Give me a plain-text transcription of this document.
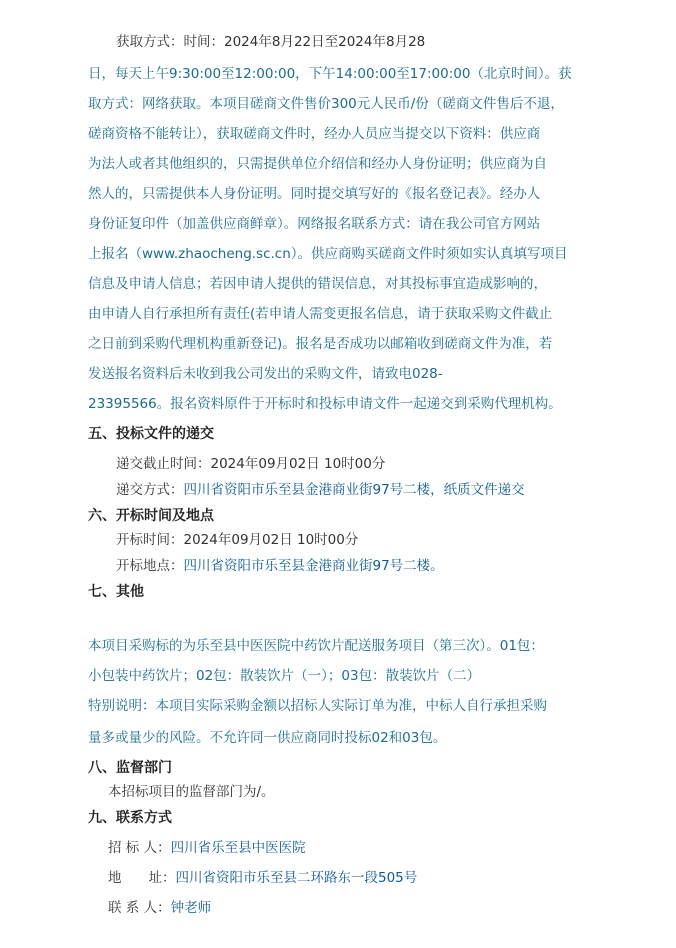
获取方式：时间：2024年8月22日至2024年8月28
日，每天上午9:30:00至12:00:00，下午14:00:00至17:00:00（北京时间）。获
取方式：网络获取。本项目磋商文件售价300元人民币/份（磋商文件售后不退，
磋商资格不能转让），获取磋商文件时，经办人员应当提交以下资料：供应商
为法人或者其他组织的，只需提供单位介绍信和经办人身份证明；供应商为自
然人的，只需提供本人身份证明。同时提交填写好的《报名登记表》。经办人
身份证复印件（加盖供应商鲜章）。网络报名联系方式：请在我公司官方网站
上报名（www.zhaocheng.sc.cn）。供应商购买磋商文件时须如实认真填写项目
信息及申请人信息；若因申请人提供的错误信息，对其投标事宜造成影响的，
由申请人自行承担所有责任(若申请人需变更报名信息，请于获取采购文件截止
之日前到采购代理机构重新登记)。报名是否成功以邮箱收到磋商文件为准，若
发送报名资料后未收到我公司发出的采购文件，请致电028-
23395566。报名资料原件于开标时和投标申请文件一起递交到采购代理机构。
五、投标文件的递交
递交截止时间：2024年09月02日 10时00分
递交方式：四川省资阳市乐至县金港商业街97号二楼，纸质文件递交
六、开标时间及地点
开标时间：2024年09月02日 10时00分
开标地点：四川省资阳市乐至县金港商业街97号二楼。
七、其他
本项目采购标的为乐至县中医医院中药饮片配送服务项目（第三次）。01包：
小包装中药饮片；02包：散装饮片（一）；03包：散装饮片（二）
特别说明：本项目实际采购金额以招标人实际订单为准，中标人自行承担采购
量多或量少的风险。不允许同一供应商同时投标02和03包。
八、监督部门
本招标项目的监督部门为/。
九、联系方式
招 标 人：四川省乐至县中医医院
地　　址：四川省资阳市乐至县二环路东一段505号
联 系 人：钟老师
